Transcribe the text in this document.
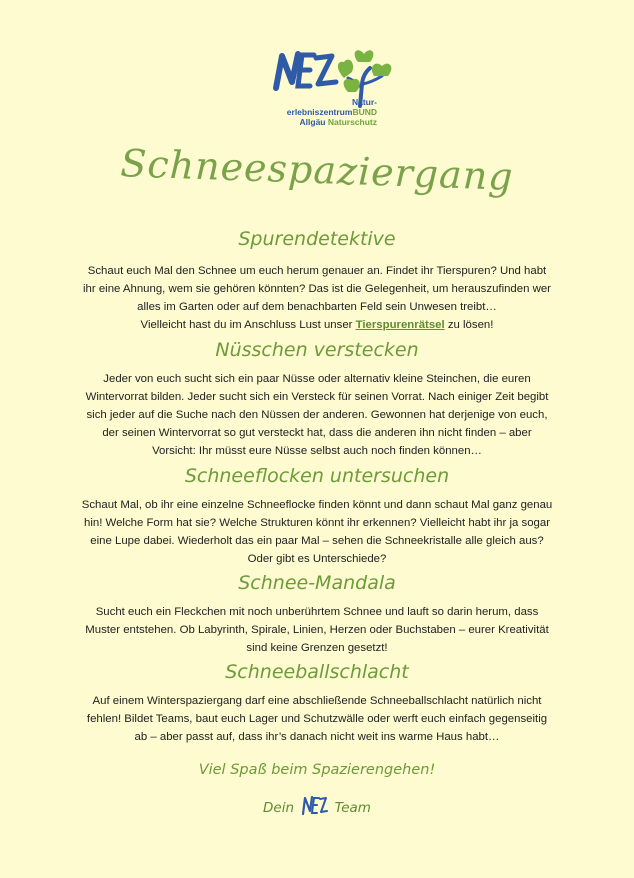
Natur-
erlebniszentrumBUND
Allgäu Naturschutz
Schneespaziergang
Spurendetektive
Schaut euch Mal den Schnee um euch herum genauer an. Findet ihr Tierspuren? Und habt
ihr eine Ahnung, wem sie gehören könnten? Das ist die Gelegenheit, um herauszufinden wer
alles im Garten oder auf dem benachbarten Feld sein Unwesen treibt…
Vielleicht hast du im Anschluss Lust unser Tierspurenrätsel zu lösen!
Nüsschen verstecken
Jeder von euch sucht sich ein paar Nüsse oder alternativ kleine Steinchen, die euren
Wintervorrat bilden. Jeder sucht sich ein Versteck für seinen Vorrat. Nach einiger Zeit begibt
sich jeder auf die Suche nach den Nüssen der anderen. Gewonnen hat derjenige von euch,
der seinen Wintervorrat so gut versteckt hat, dass die anderen ihn nicht finden – aber
Vorsicht: Ihr müsst eure Nüsse selbst auch noch finden können…
Schneeflocken untersuchen
Schaut Mal, ob ihr eine einzelne Schneeflocke finden könnt und dann schaut Mal ganz genau
hin! Welche Form hat sie? Welche Strukturen könnt ihr erkennen? Vielleicht habt ihr ja sogar
eine Lupe dabei. Wiederholt das ein paar Mal – sehen die Schneekristalle alle gleich aus?
Oder gibt es Unterschiede?
Schnee-Mandala
Sucht euch ein Fleckchen mit noch unberührtem Schnee und lauft so darin herum, dass
Muster entstehen. Ob Labyrinth, Spirale, Linien, Herzen oder Buchstaben – eurer Kreativität
sind keine Grenzen gesetzt!
Schneeballschlacht
Auf einem Winterspaziergang darf eine abschließende Schneeballschlacht natürlich nicht
fehlen! Bildet Teams, baut euch Lager und Schutzwälle oder werft euch einfach gegenseitig
ab – aber passt auf, dass ihr’s danach nicht weit ins warme Haus habt…
Viel Spaß beim Spazierengehen!
Dein	Team
